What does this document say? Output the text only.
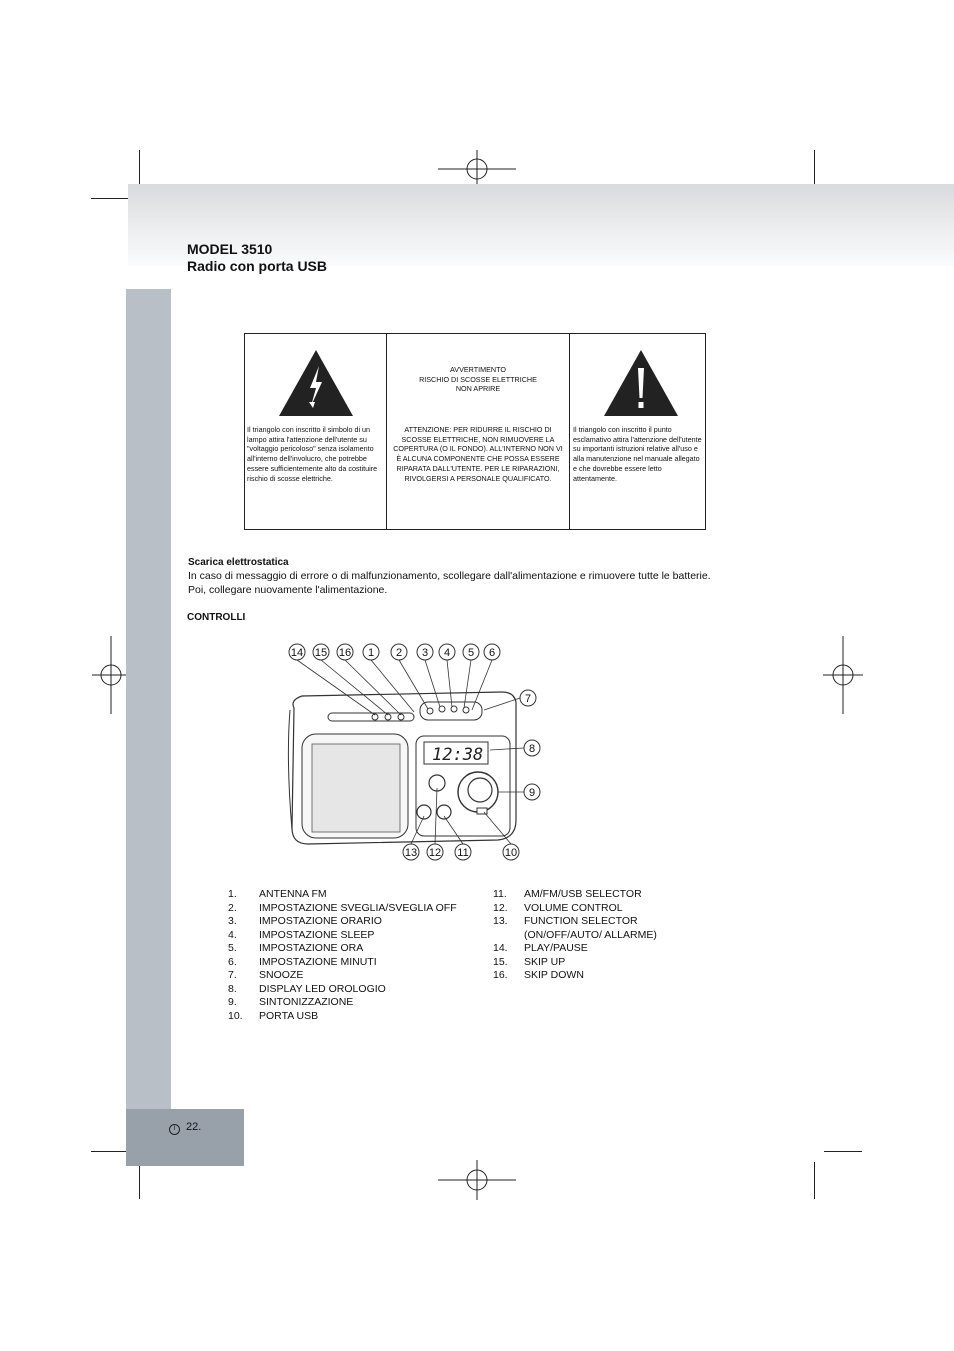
MODEL 3510
Radio con porta USB
I 22.
Il triangolo con inscritto il simbolo di un lampo attira l'attenzione dell'utente su "voltaggio pericoloso" senza isolamento all'interno dell'involucro, che potrebbe essere sufficientemente alto da costituire rischio di scosse elettriche.
AVVERTIMENTO
RISCHIO DI SCOSSE ELETTRICHE
NON APRIRE
ATTENZIONE: PER RIDURRE IL RISCHIO DI SCOSSE ELETTRICHE, NON RIMUOVERE LA COPERTURA (O IL FONDO). ALL'INTERNO NON VI È ALCUNA COMPONENTE CHE POSSA ESSERE RIPARATA DALL'UTENTE. PER LE RIPARAZIONI, RIVOLGERSI A PERSONALE QUALIFICATO.
Il triangolo con inscritto il punto esclamativo attira l'attenzione dell'utente su importanti istruzioni relative all'uso e alla manutenzione nel manuale allegato e che dovrebbe essere letto attentamente.
Scarica elettrostatica
In caso di messaggio di errore o di malfunzionamento, scollegare dall'alimentazione e rimuovere tutte le batterie. Poi, collegare nuovamente l'alimentazione.
CONTROLLI
12:38
14 15 16 1 2 3 4 5 6
7
8
9
10
11
12
13
1. ANTENNA FM
2. IMPOSTAZIONE SVEGLIA/SVEGLIA OFF
3. IMPOSTAZIONE ORARIO
4. IMPOSTAZIONE SLEEP
5. IMPOSTAZIONE ORA
6. IMPOSTAZIONE MINUTI
7. SNOOZE
8. DISPLAY LED OROLOGIO
9. SINTONIZZAZIONE
10. PORTA USB
11. AM/FM/USB SELECTOR
12. VOLUME CONTROL
13. FUNCTION SELECTOR
(ON/OFF/AUTO/ ALLARME)
14. PLAY/PAUSE
15. SKIP UP
16. SKIP DOWN
